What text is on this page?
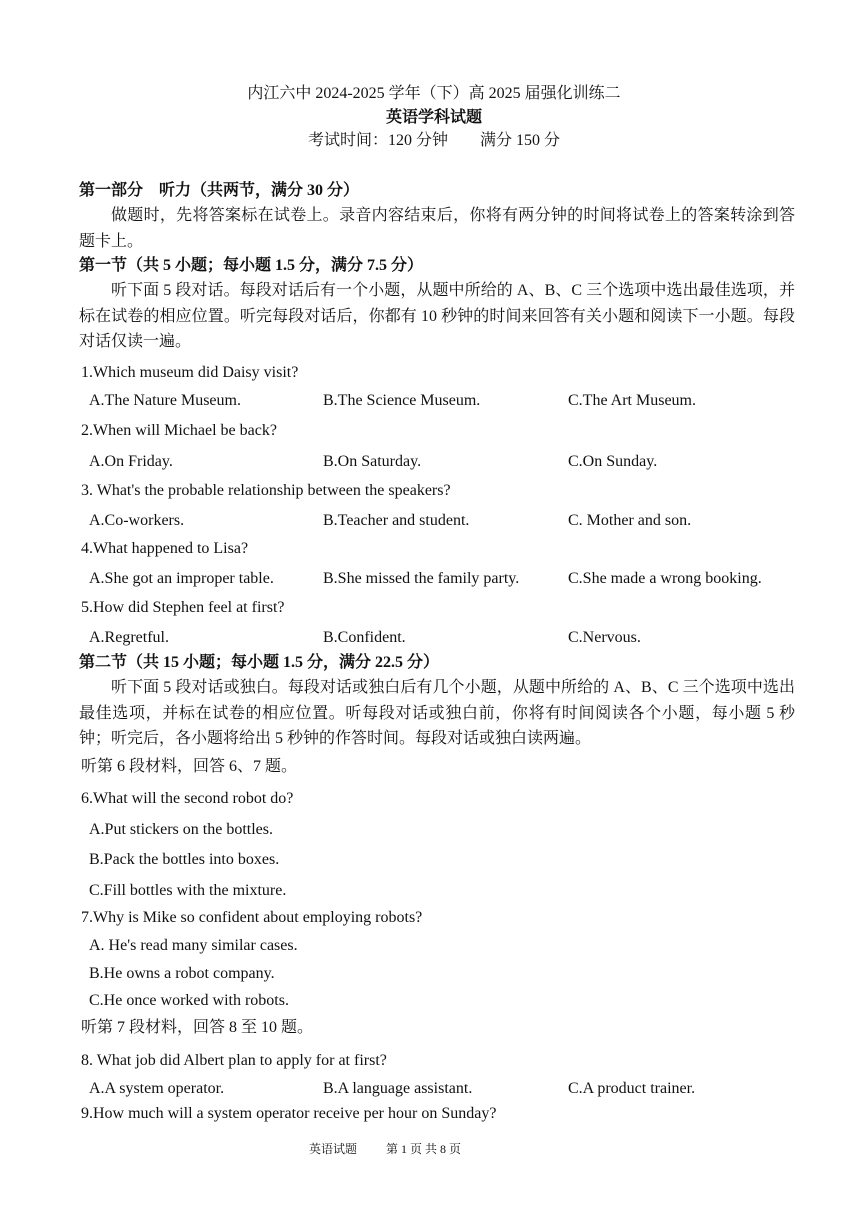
内江六中 2024-2025 学年（下）高 2025 届强化训练二
英语学科试题
考试时间：120 分钟　　满分 150 分
第一部分　听力（共两节，满分 30 分）
做题时，先将答案标在试卷上。录音内容结束后，你将有两分钟的时间将试卷上的答案转涂到答题卡上。
第一节（共 5 小题；每小题 1.5 分，满分 7.5 分）
听下面 5 段对话。每段对话后有一个小题，从题中所给的 A、B、C 三个选项中选出最佳选项，并标在试卷的相应位置。听完每段对话后，你都有 10 秒钟的时间来回答有关小题和阅读下一小题。每段对话仅读一遍。
1.Which museum did Daisy visit?
A.The Nature Museum.	B.The Science Museum.	C.The Art Museum.
2.When will Michael be back?
A.On Friday.	B.On Saturday.	C.On Sunday.
3. What's the probable relationship between the speakers?
A.Co-workers.	B.Teacher and student.	C. Mother and son.
4.What happened to Lisa?
A.She got an improper table.	B.She missed the family party.	C.She made a wrong booking.
5.How did Stephen feel at first?
A.Regretful.	B.Confident.	C.Nervous.
第二节（共 15 小题；每小题 1.5 分，满分 22.5 分）
听下面 5 段对话或独白。每段对话或独白后有几个小题，从题中所给的 A、B、C 三个选项中选出最佳选项，并标在试卷的相应位置。听每段对话或独白前，你将有时间阅读各个小题，每小题 5 秒钟；听完后，各小题将给出 5 秒钟的作答时间。每段对话或独白读两遍。
听第 6 段材料，回答 6、7 题。
6.What will the second robot do?
A.Put stickers on the bottles.
B.Pack the bottles into boxes.
C.Fill bottles with the mixture.
7.Why is Mike so confident about employing robots?
A. He's read many similar cases.
B.He owns a robot company.
C.He once worked with robots.
听第 7 段材料，回答 8 至 10 题。
8. What job did Albert plan to apply for at first?
A.A system operator.	B.A language assistant.	C.A product trainer.
9.How much will a system operator receive per hour on Sunday?
英语试题 第 1 页 共 8 页
